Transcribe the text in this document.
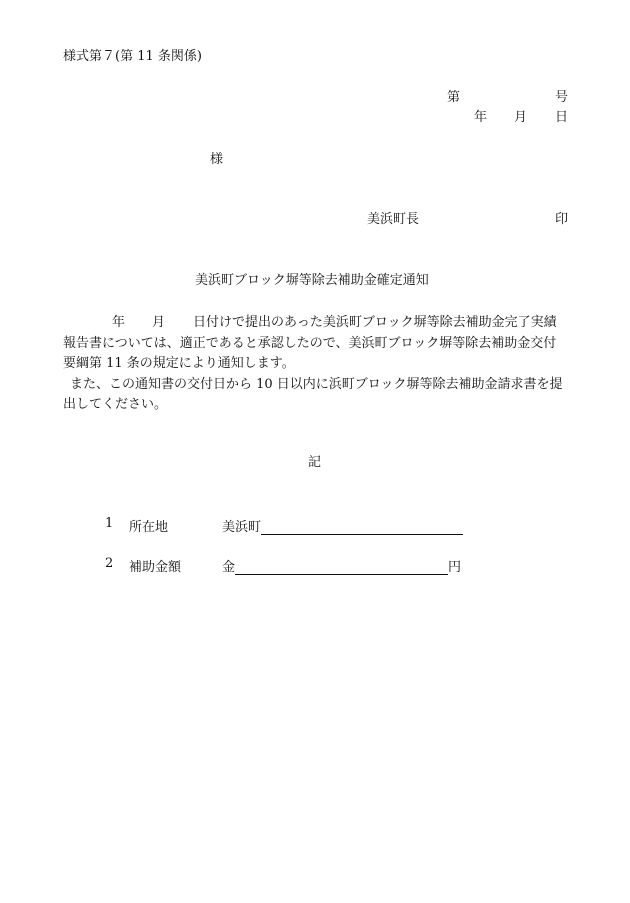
様式第７(第 11 条関係)
第	号
年 月 日
様
美浜町長	印
美浜町ブロック塀等除去補助金確定通知
年 月 日付けで提出のあった美浜町ブロック塀等除去補助金完了実績
報告書については、適正であると承認したので、美浜町ブロック塀等除去補助金交付
要綱第 11 条の規定により通知します。
また、この通知書の交付日から 10 日以内に浜町ブロック塀等除去補助金請求書を提
出してください。
記
1 所在地	美浜町
2 補助金額	金	円
